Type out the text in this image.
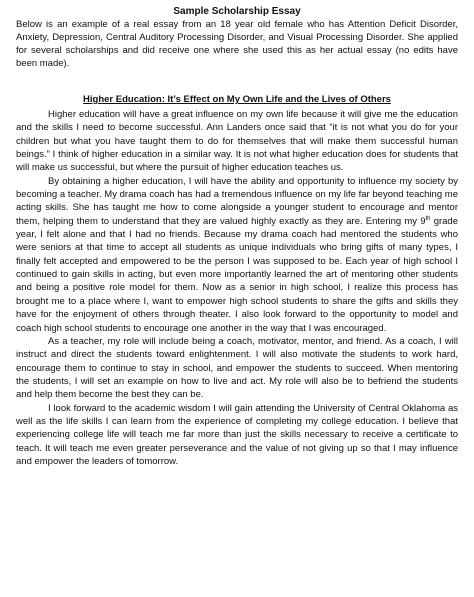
Sample Scholarship Essay

Below is an example of a real essay from an 18 year old female who has Attention Deficit Disorder, Anxiety, Depression, Central Auditory Processing Disorder, and Visual Processing Disorder. She applied for several scholarships and did receive one where she used this as her actual essay (no edits have been made).

Higher Education: It’s Effect on My Own Life and the Lives of Others

Higher education will have a great influence on my own life because it will give me the education and the skills I need to become successful. Ann Landers once said that “it is not what you do for your children but what you have taught them to do for themselves that will make them successful human beings.” I think of higher education in a similar way. It is not what higher education does for students that will make us successful, but where the pursuit of higher education teaches us.

By obtaining a higher education, I will have the ability and opportunity to influence my society by becoming a teacher. My drama coach has had a tremendous influence on my life far beyond teaching me acting skills. She has taught me how to come alongside a younger student to encourage and mentor them, helping them to understand that they are valued highly exactly as they are. Entering my 9th grade year, I felt alone and that I had no friends. Because my drama coach had mentored the students who were seniors at that time to accept all students as unique individuals who bring gifts of many types, I finally felt accepted and empowered to be the person I was supposed to be. Each year of high school I continued to gain skills in acting, but even more importantly learned the art of mentoring other students and being a positive role model for them. Now as a senior in high school, I realize this process has brought me to a place where I, want to empower high school students to share the gifts and skills they have for the enjoyment of others through theater. I also look forward to the opportunity to model and coach high school students to encourage one another in the way that I was encouraged.

As a teacher, my role will include being a coach, motivator, mentor, and friend. As a coach, I will instruct and direct the students toward enlightenment. I will also motivate the students to work hard, encourage them to continue to stay in school, and empower the students to succeed. When mentoring the students, I will set an example on how to live and act. My role will also be to befriend the students and help them become the best they can be.

I look forward to the academic wisdom I will gain attending the University of Central Oklahoma as well as the life skills I can learn from the experience of completing my college education. I believe that experiencing college life will teach me far more than just the skills necessary to receive a certificate to teach. It will teach me even greater perseverance and the value of not giving up so that I may influence and empower the leaders of tomorrow.
